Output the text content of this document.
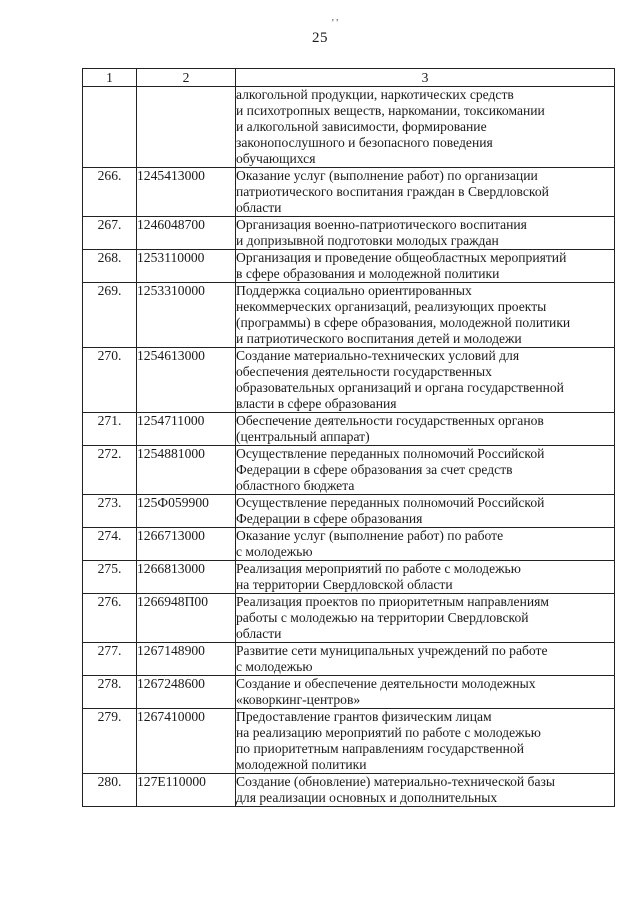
' '
25
1	2	3

		алкогольной продукции, наркотических средств
и психотропных веществ, наркомании, токсикомании
и алкогольной зависимости, формирование
законопослушного и безопасного поведения
обучающихся

266.	1245413000	Оказание услуг (выполнение работ) по организации
патриотического воспитания граждан в Свердловской
области

267.	1246048700	Организация военно-патриотического воспитания
и допризывной подготовки молодых граждан

268.	1253110000	Организация и проведение общеобластных мероприятий
в сфере образования и молодежной политики

269.	1253310000	Поддержка социально ориентированных
некоммерческих организаций, реализующих проекты
(программы) в сфере образования, молодежной политики
и патриотического воспитания детей и молодежи

270.	1254613000	Создание материально-технических условий для
обеспечения деятельности государственных
образовательных организаций и органа государственной
власти в сфере образования

271.	1254711000	Обеспечение деятельности государственных органов
(центральный аппарат)

272.	1254881000	Осуществление переданных полномочий Российской
Федерации в сфере образования за счет средств
областного бюджета

273.	125Ф059900	Осуществление переданных полномочий Российской
Федерации в сфере образования

274.	1266713000	Оказание услуг (выполнение работ) по работе
с молодежью

275.	1266813000	Реализация мероприятий по работе с молодежью
на территории Свердловской области

276.	1266948П00	Реализация проектов по приоритетным направлениям
работы с молодежью на территории Свердловской
области

277.	1267148900	Развитие сети муниципальных учреждений по работе
с молодежью

278.	1267248600	Создание и обеспечение деятельности молодежных
«коворкинг-центров»

279.	1267410000	Предоставление грантов физическим лицам
на реализацию мероприятий по работе с молодежью
по приоритетным направлениям государственной
молодежной политики

280.	127Е110000	Создание (обновление) материально-технической базы
для реализации основных и дополнительных
